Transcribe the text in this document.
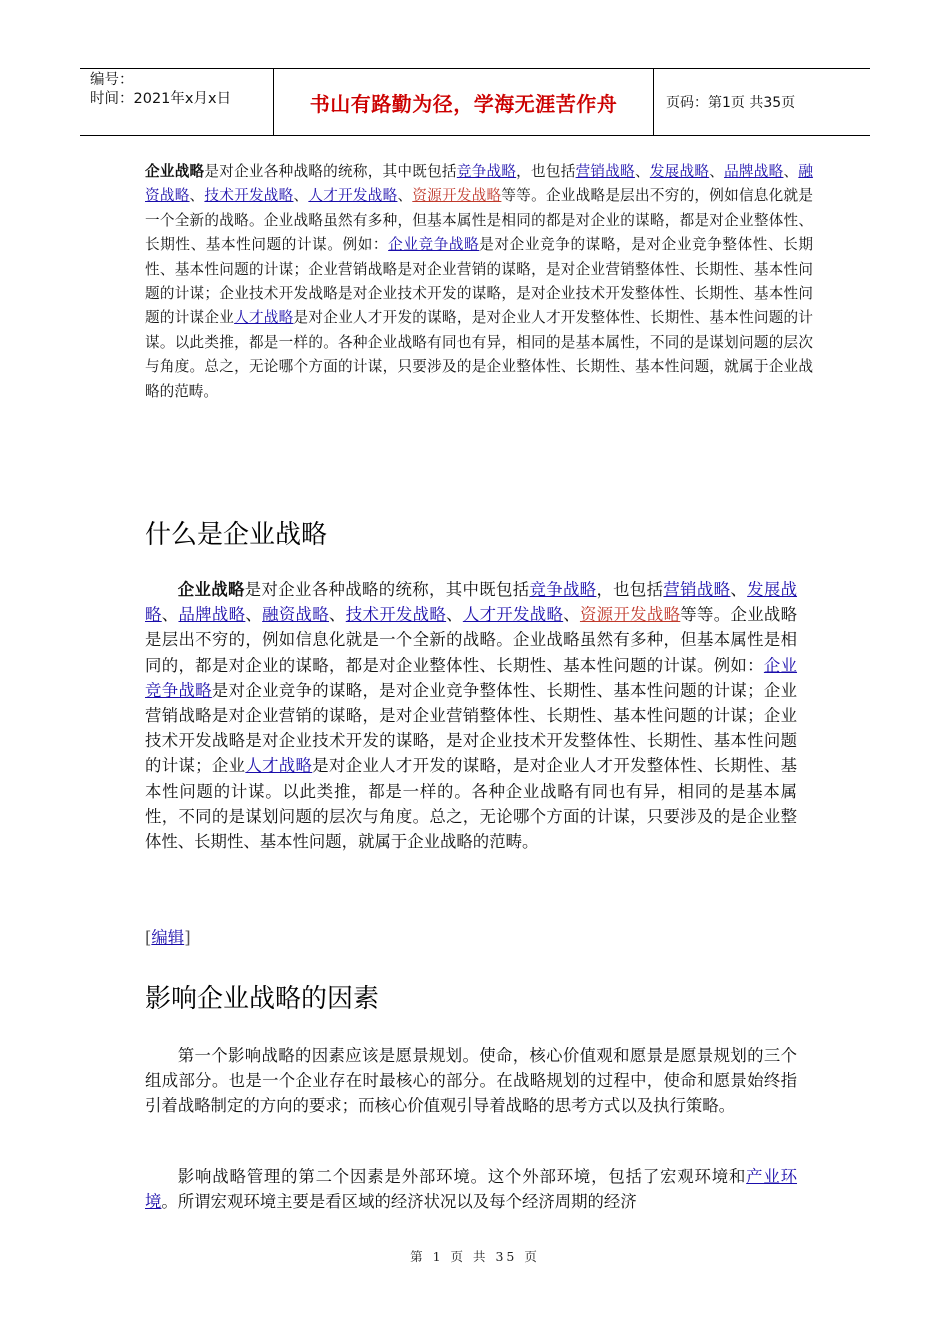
编号：
时间：2021年x月x日	书山有路勤为径，学海无涯苦作舟	页码：第1页 共35页
企业战略是对企业各种战略的统称，其中既包括竞争战略，也包括营销战略、发展战略、品牌战略、融资战略、技术开发战略、人才开发战略、资源开发战略等等。企业战略是层出不穷的，例如信息化就是一个全新的战略。企业战略虽然有多种，但基本属性是相同的都是对企业的谋略，都是对企业整体性、长期性、基本性问题的计谋。例如：企业竞争战略是对企业竞争的谋略，是对企业竞争整体性、长期性、基本性问题的计谋；企业营销战略是对企业营销的谋略，是对企业营销整体性、长期性、基本性问题的计谋；企业技术开发战略是对企业技术开发的谋略，是对企业技术开发整体性、长期性、基本性问题的计谋企业人才战略是对企业人才开发的谋略，是对企业人才开发整体性、长期性、基本性问题的计谋。以此类推，都是一样的。各种企业战略有同也有异，相同的是基本属性，不同的是谋划问题的层次与角度。总之，无论哪个方面的计谋，只要涉及的是企业整体性、长期性、基本性问题，就属于企业战略的范畴。
什么是企业战略

企业战略是对企业各种战略的统称，其中既包括竞争战略，也包括营销战略、发展战略、品牌战略、融资战略、技术开发战略、人才开发战略、资源开发战略等等。企业战略是层出不穷的，例如信息化就是一个全新的战略。企业战略虽然有多种，但基本属性是相同的，都是对企业的谋略，都是对企业整体性、长期性、基本性问题的计谋。例如：企业竞争战略是对企业竞争的谋略，是对企业竞争整体性、长期性、基本性问题的计谋；企业营销战略是对企业营销的谋略，是对企业营销整体性、长期性、基本性问题的计谋；企业技术开发战略是对企业技术开发的谋略，是对企业技术开发整体性、长期性、基本性问题的计谋；企业人才战略是对企业人才开发的谋略，是对企业人才开发整体性、长期性、基本性问题的计谋。以此类推，都是一样的。各种企业战略有同也有异，相同的是基本属性，不同的是谋划问题的层次与角度。总之，无论哪个方面的计谋，只要涉及的是企业整体性、长期性、基本性问题，就属于企业战略的范畴。

[编辑]
影响企业战略的因素

第一个影响战略的因素应该是愿景规划。使命，核心价值观和愿景是愿景规划的三个组成部分。也是一个企业存在时最核心的部分。在战略规划的过程中，使命和愿景始终指引着战略制定的方向的要求；而核心价值观引导着战略的思考方式以及执行策略。

影响战略管理的第二个因素是外部环境。这个外部环境，包括了宏观环境和产业环境。所谓宏观环境主要是看区域的经济状况以及每个经济周期的经济

第 1 页 共 35 页
